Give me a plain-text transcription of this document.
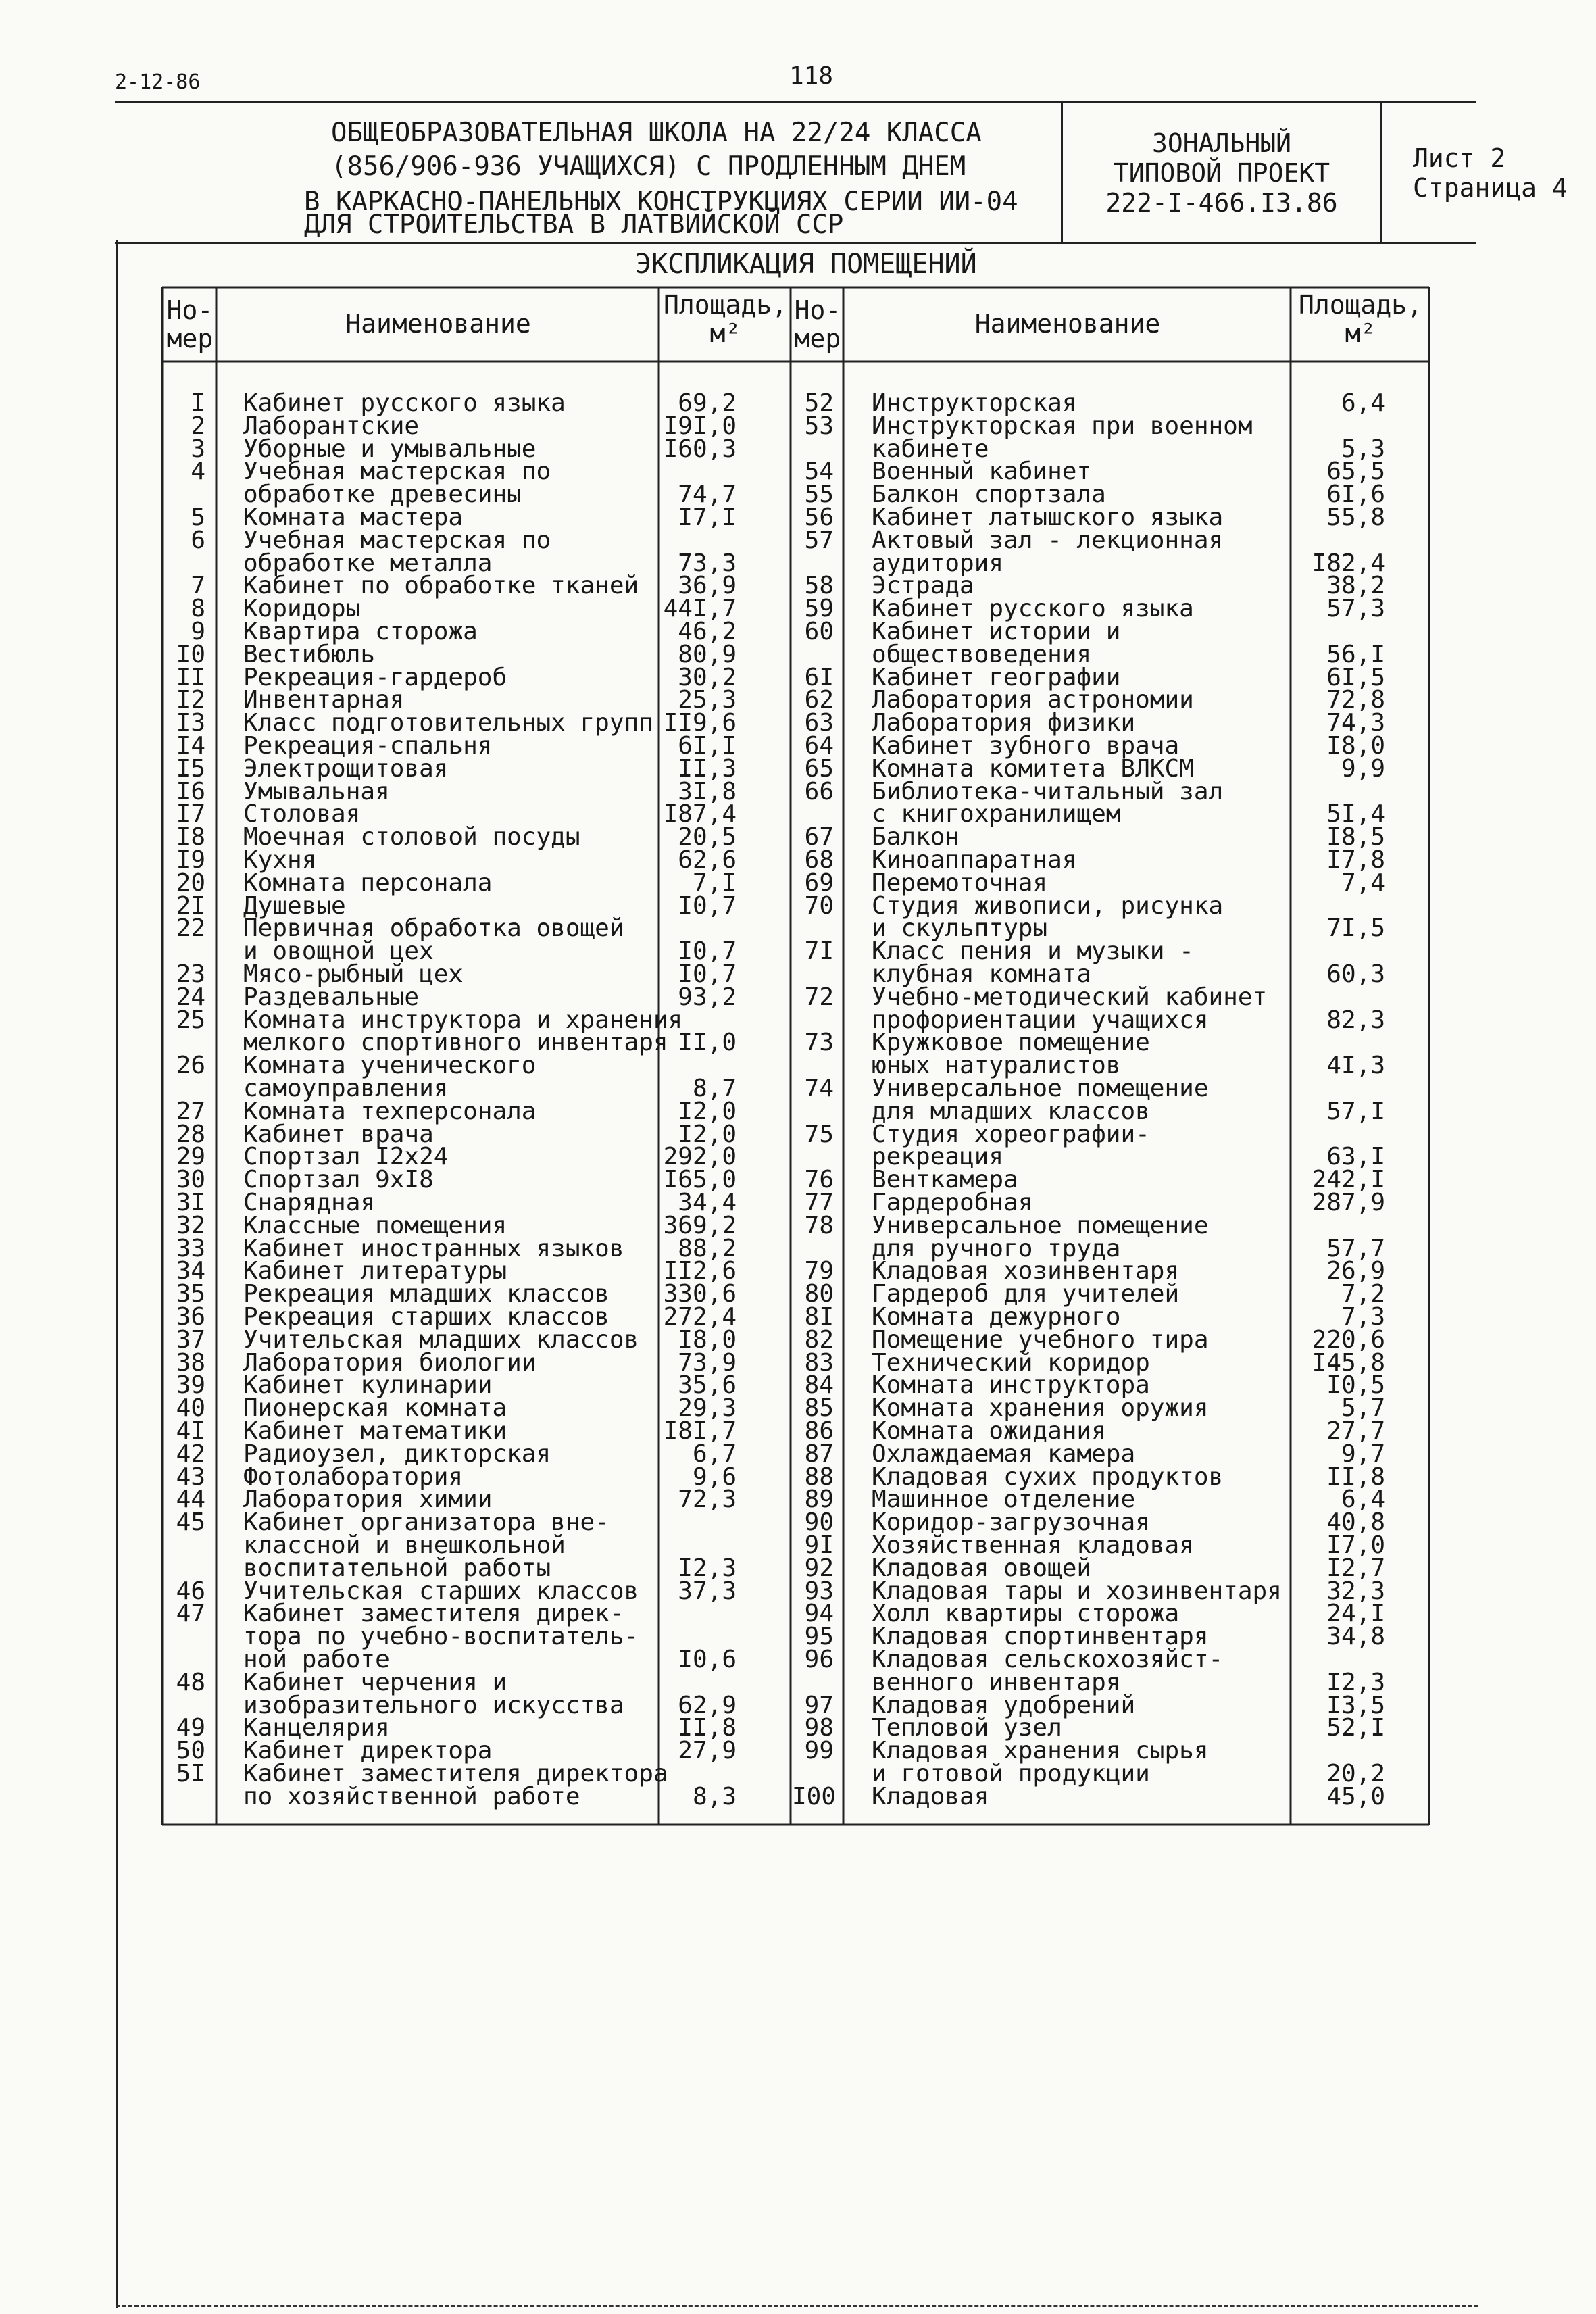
2-12-86	118
ОБЩЕОБРАЗОВАТЕЛЬНАЯ ШКОЛА НА 22/24 КЛАССА
(856/906-936 УЧАЩИХСЯ) С ПРОДЛЕННЫМ ДНЕМ
В КАРКАСНО-ПАНЕЛЬНЫХ КОНСТРУКЦИЯХ СЕРИИ ИИ-04
ДЛЯ СТРОИТЕЛЬСТВА В ЛАТВИЙСКОЙ ССР
ЗОНАЛЬНЫЙ
ТИПОВОЙ ПРОЕКТ
222-I-466.I3.86
Лист 2
Страница 4
ЭКСПЛИКАЦИЯ ПОМЕЩЕНИЙ
Но-
мер	Наименование
Площадь,
м²
Но-
мер	Наименование
Площадь,
м²
I Кабинет русского языка	69,2
2 Лаборантские	I9I,0
3 Уборные и умывальные	I60,3
4 Учебная мастерская по
обработке древесины	74,7
5 Комната мастера	I7,I
6 Учебная мастерская по
обработке металла	73,3
7 Кабинет по обработке тканей	36,9
8 Коридоры	44I,7
9 Квартира сторожа	46,2
I0 Вестибюль	80,9
II Рекреация-гардероб	30,2
I2 Инвентарная	25,3
I3 Класс подготовительных групп II9,6
I4 Рекреация-спальня	6I,I
I5 Электрощитовая	II,3
I6 Умывальная	3I,8
I7 Столовая	I87,4
I8 Моечная столовой посуды	20,5
I9 Кухня	62,6
20 Комната персонала	7,I
2I Душевые	I0,7
22 Первичная обработка овощей
и овощной цех	I0,7
23 Мясо-рыбный цех	I0,7
24 Раздевальные	93,2
25 Комната инструктора и хранения
мелкого спортивного инвентаря II,0
26 Комната ученического
самоуправления	8,7
27 Комната техперсонала	I2,0
28 Кабинет врача	I2,0
29 Спортзал I2х24	292,0
30 Спортзал 9хI8	I65,0
3I Снарядная	34,4
32 Классные помещения	369,2
33 Кабинет иностранных языков	88,2
34 Кабинет литературы	II2,6
35 Рекреация младших классов	330,6
36 Рекреация старших классов	272,4
37 Учительская младших классов	I8,0
38 Лаборатория биологии	73,9
39 Кабинет кулинарии	35,6
40 Пионерская комната	29,3
4I Кабинет математики	I8I,7
42 Радиоузел, дикторская	6,7
43 Фотолаборатория	9,6
44 Лаборатория химии	72,3
45 Кабинет организатора вне-
классной и внешкольной
воспитательной работы	I2,3
46 Учительская старших классов	37,3
47 Кабинет заместителя дирек-
тора по учебно-воспитатель-
ной работе	I0,6
48 Кабинет черчения и
изобразительного искусства	62,9
49 Канцелярия	II,8
50 Кабинет директора	27,9
5I Кабинет заместителя директора
по хозяйственной работе	8,3
52 Инструкторская	6,4
53 Инструкторская при военном
кабинете	5,3
54 Военный кабинет	65,5
55 Балкон спортзала	6I,6
56 Кабинет латышского языка	55,8
57 Актовый зал - лекционная
аудитория	I82,4
58 Эстрада	38,2
59 Кабинет русского языка	57,3
60 Кабинет истории и
обществоведения	56,I
6I Кабинет географии	6I,5
62 Лаборатория астрономии	72,8
63 Лаборатория физики	74,3
64 Кабинет зубного врача	I8,0
65 Комната комитета ВЛКСМ	9,9
66 Библиотека-читальный зал
с книгохранилищем	5I,4
67 Балкон	I8,5
68 Киноаппаратная	I7,8
69 Перемоточная	7,4
70 Студия живописи, рисунка
и скульптуры	7I,5
7I Класс пения и музыки -
клубная комната	60,3
72 Учебно-методический кабинет
профориентации учащихся	82,3
73 Кружковое помещение
юных натуралистов	4I,3
74 Универсальное помещение
для младших классов	57,I
75 Студия хореографии-
рекреация	63,I
76 Венткамера	242,I
77 Гардеробная	287,9
78 Универсальное помещение
для ручного труда	57,7
79 Кладовая хозинвентаря	26,9
80 Гардероб для учителей	7,2
8I Комната дежурного	7,3
82 Помещение учебного тира	220,6
83 Технический коридор	I45,8
84 Комната инструктора	I0,5
85 Комната хранения оружия	5,7
86 Комната ожидания	27,7
87 Охлаждаемая камера	9,7
88 Кладовая сухих продуктов	II,8
89 Машинное отделение	6,4
90 Коридор-загрузочная	40,8
9I Хозяйственная кладовая	I7,0
92 Кладовая овощей	I2,7
93 Кладовая тары и хозинвентаря	32,3
94 Холл квартиры сторожа	24,I
95 Кладовая спортинвентаря	34,8
96 Кладовая сельскохозяйст-
венного инвентаря	I2,3
97 Кладовая удобрений	I3,5
98 Тепловой узел	52,I
99 Кладовая хранения сырья
и готовой продукции	20,2
I00 Кладовая	45,0
